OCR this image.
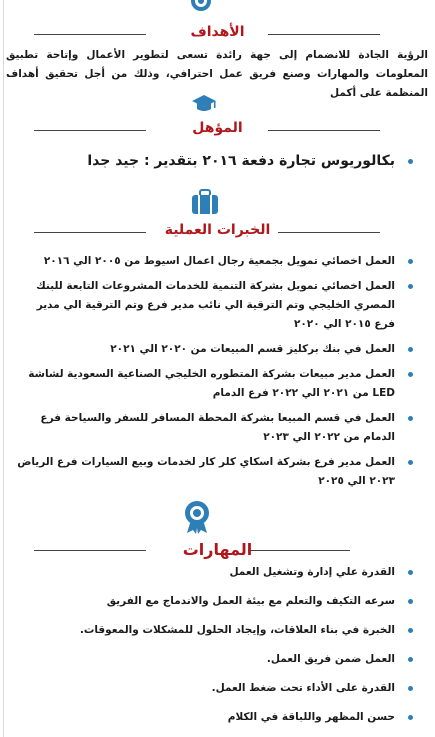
الأهداف
الرؤية الجادة للانضمام إلى جهة رائدة تسعى لتطوير الأعمال وإتاحة تطبيق المعلومات والمهارات وصنع فريق عمل احترافي، وذلك من أجل تحقيق أهداف المنظمة على أكمل
المؤهل
بكالوريوس تجارة دفعة ٢٠١٦ بتقدير : جيد جدا
الخبرات العملية
العمل اخصائي تمويل بجمعية رجال اعمال اسيوط من ٢٠٠٥ الي ٢٠١٦
العمل اخصائي تمويل بشركة التنمية للخدمات المشروعات التابعة للبنك المصري الخليجي وتم الترقية الي نائب مدير فرع وتم الترقية الي مدير فرع ٢٠١٥ الي ٢٠٢٠
العمل في بنك بركليز قسم المبيعات من ٢٠٢٠ الي ٢٠٢١
العمل مدير مبيعات بشركة المتطوره الخليجي الصناعية السعودية لشاشة LED من ٢٠٢١ الي ٢٠٢٢ فرع الدمام
العمل في قسم المبيعا بشركة المحطة المسافر للسفر والسياحة فرع الدمام من ٢٠٢٢ الي ٢٠٢٣
العمل مدير فرع بشركة اسكاي كلر كار لخدمات وبيع السيارات فرع الرياض ٢٠٢٣ الي ٢٠٢٥
المهارات
القدرة علي إدارة وتشغيل العمل
سرعه التكيف والتعلم مع بيئة العمل والاندماج مع الفريق
الخبرة في بناء العلاقات، وإيجاد الحلول للمشكلات والمعوقات.
العمل ضمن فريق العمل.
القدرة على الأداء تحت ضغط العمل.
حسن المظهر واللباقة في الكلام
